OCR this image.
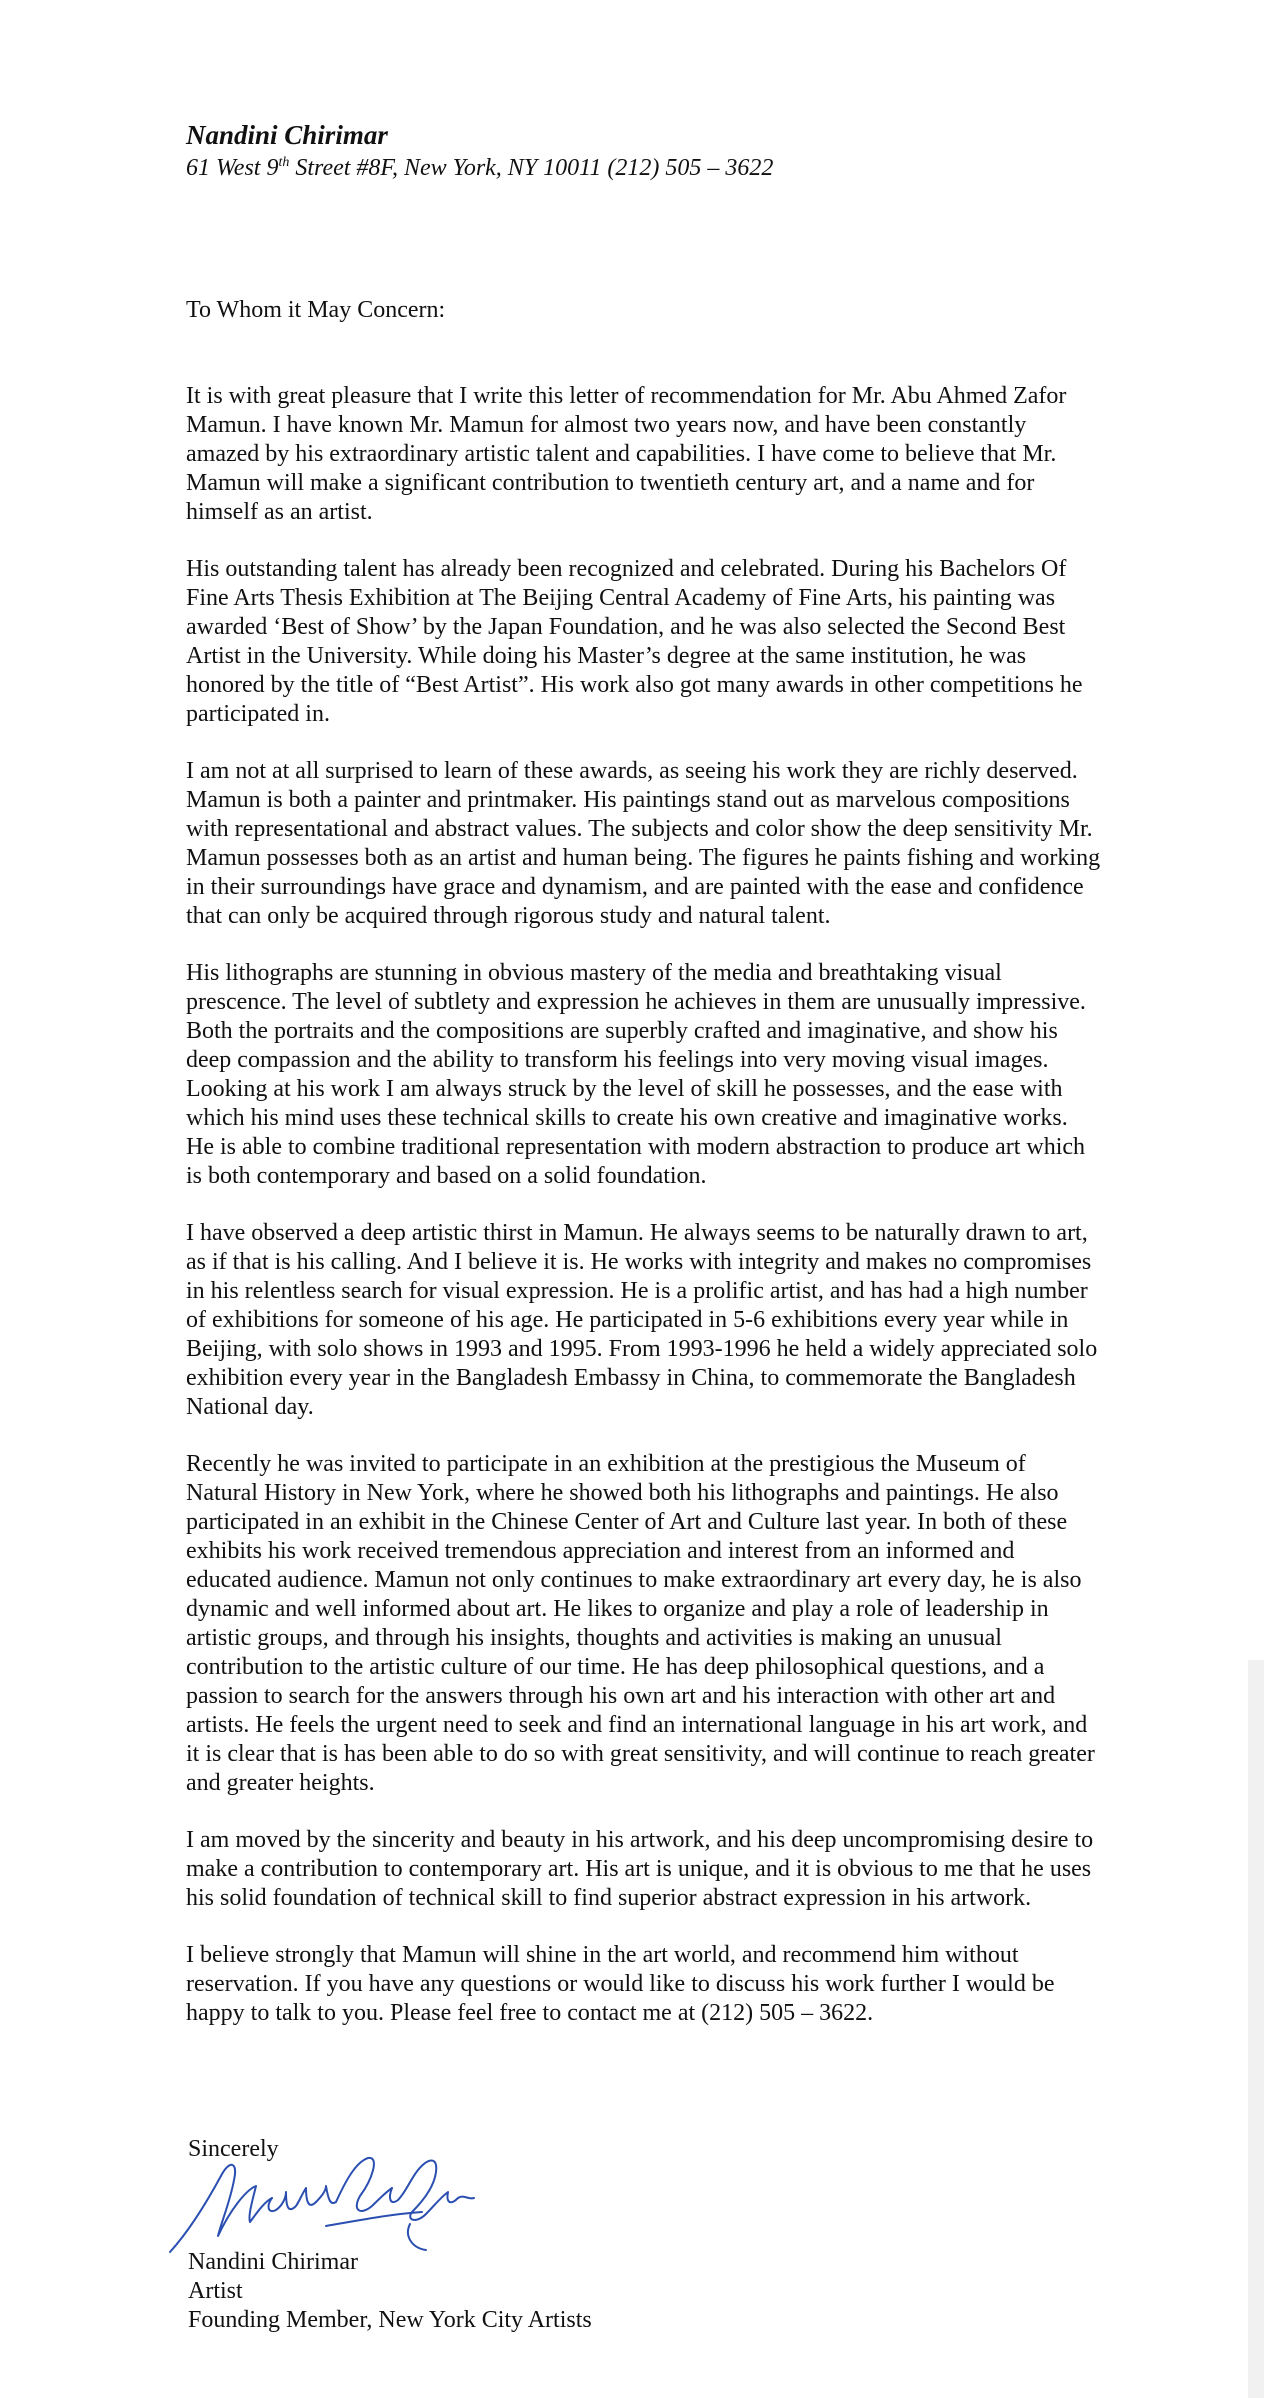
Nandini Chirimar
61 West 9th Street #8F, New York, NY 10011 (212) 505 – 3622
To Whom it May Concern:

It is with great pleasure that I write this letter of recommendation for Mr. Abu Ahmed Zafor Mamun. I have known Mr. Mamun for almost two years now, and have been constantly amazed by his extraordinary artistic talent and capabilities. I have come to believe that Mr. Mamun will make a significant contribution to twentieth century art, and a name and for himself as an artist.

His outstanding talent has already been recognized and celebrated. During his Bachelors Of Fine Arts Thesis Exhibition at The Beijing Central Academy of Fine Arts, his painting was awarded ‘Best of Show’ by the Japan Foundation, and he was also selected the Second Best Artist in the University. While doing his Master’s degree at the same institution, he was honored by the title of “Best Artist”. His work also got many awards in other competitions he participated in.

I am not at all surprised to learn of these awards, as seeing his work they are richly deserved. Mamun is both a painter and printmaker. His paintings stand out as marvelous compositions with representational and abstract values. The subjects and color show the deep sensitivity Mr. Mamun possesses both as an artist and human being. The figures he paints fishing and working in their surroundings have grace and dynamism, and are painted with the ease and confidence that can only be acquired through rigorous study and natural talent.

His lithographs are stunning in obvious mastery of the media and breathtaking visual prescence. The level of subtlety and expression he achieves in them are unusually impressive. Both the portraits and the compositions are superbly crafted and imaginative, and show his deep compassion and the ability to transform his feelings into very moving visual images. Looking at his work I am always struck by the level of skill he possesses, and the ease with which his mind uses these technical skills to create his own creative and imaginative works. He is able to combine traditional representation with modern abstraction to produce art which is both contemporary and based on a solid foundation.

I have observed a deep artistic thirst in Mamun. He always seems to be naturally drawn to art, as if that is his calling. And I believe it is. He works with integrity and makes no compromises in his relentless search for visual expression. He is a prolific artist, and has had a high number of exhibitions for someone of his age. He participated in 5-6 exhibitions every year while in Beijing, with solo shows in 1993 and 1995. From 1993-1996 he held a widely appreciated solo exhibition every year in the Bangladesh Embassy in China, to commemorate the Bangladesh National day.

Recently he was invited to participate in an exhibition at the prestigious the Museum of Natural History in New York, where he showed both his lithographs and paintings. He also participated in an exhibit in the Chinese Center of Art and Culture last year. In both of these exhibits his work received tremendous appreciation and interest from an informed and educated audience. Mamun not only continues to make extraordinary art every day, he is also dynamic and well informed about art. He likes to organize and play a role of leadership in artistic groups, and through his insights, thoughts and activities is making an unusual contribution to the artistic culture of our time. He has deep philosophical questions, and a passion to search for the answers through his own art and his interaction with other art and artists. He feels the urgent need to seek and find an international language in his art work, and it is clear that is has been able to do so with great sensitivity, and will continue to reach greater and greater heights.

I am moved by the sincerity and beauty in his artwork, and his deep uncompromising desire to make a contribution to contemporary art. His art is unique, and it is obvious to me that he uses his solid foundation of technical skill to find superior abstract expression in his artwork.

I believe strongly that Mamun will shine in the art world, and recommend him without reservation. If you have any questions or would like to discuss his work further I would be happy to talk to you. Please feel free to contact me at (212) 505 – 3622.

Sincerely
Nandini Chirimar
Nandini Chirimar
Artist
Founding Member, New York City Artists
